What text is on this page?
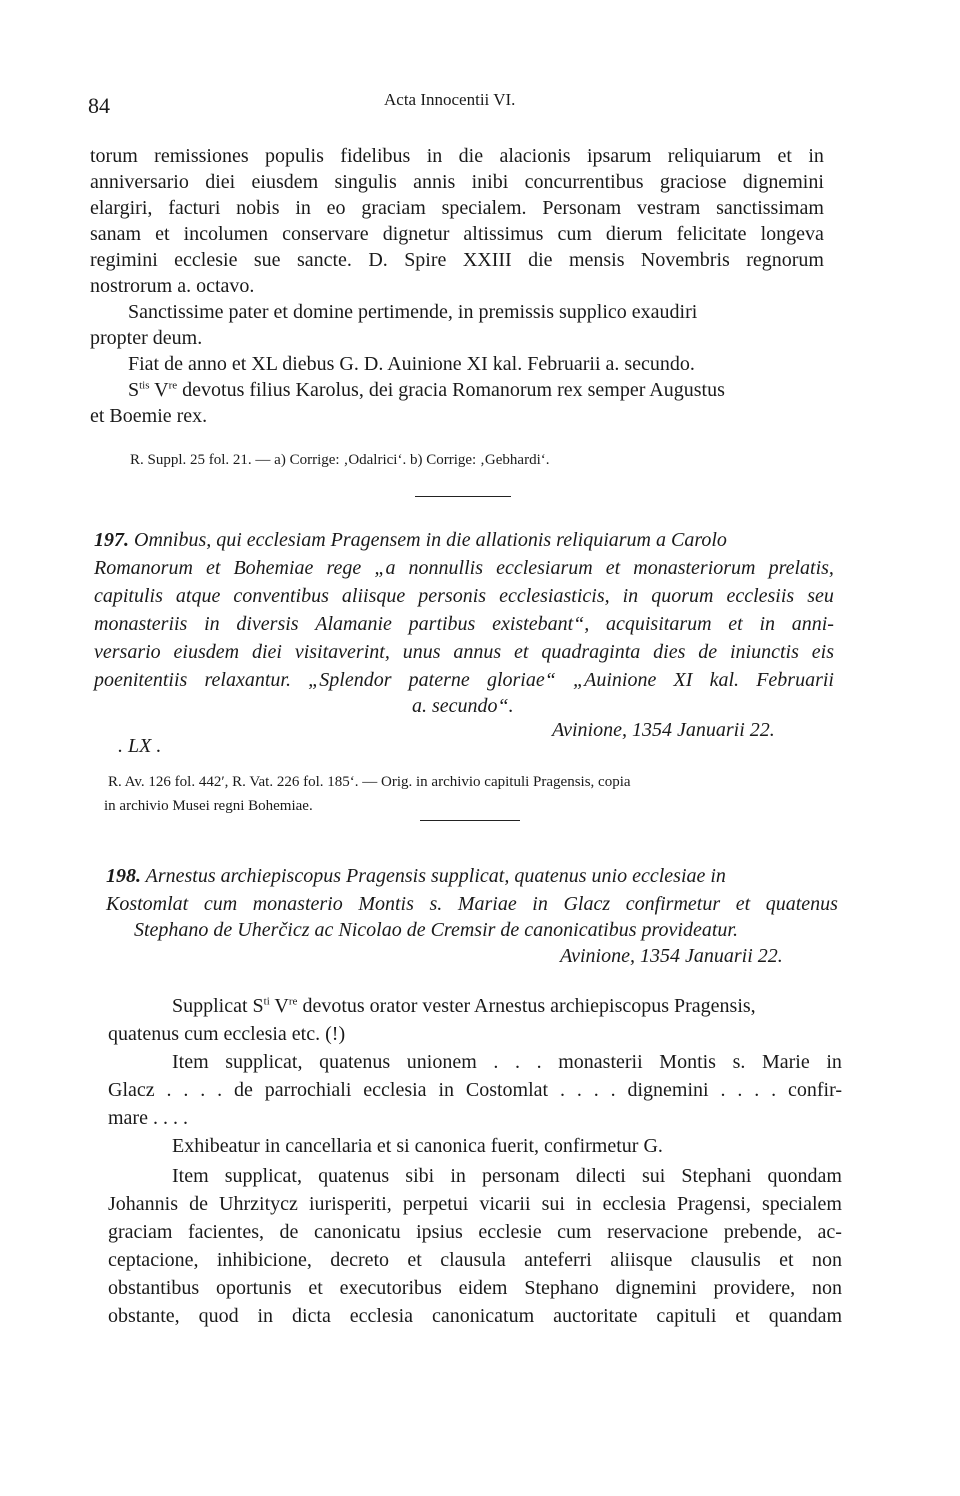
84	Acta Innocentii VI.
torum remissiones populis fidelibus in die alacionis ipsarum reliquiarum et in
anniversario diei eiusdem singulis annis inibi concurrentibus graciose dignemini
elargiri, facturi nobis in eo graciam specialem. Personam vestram sanctissimam
sanam et incolumen conservare dignetur altissimus cum dierum felicitate longeva
regimini ecclesie sue sancte. D. Spire XXIII die mensis Novembris regnorum
nostrorum a. octavo.
Sanctissime pater et domine pertimende, in premissis supplico exaudiri
propter deum.
Fiat de anno et XL diebus G. D. Auinione XI kal. Februarii a. secundo.
$S^{tis}$ Vre devotus filius Karolus, dei gracia Romanorum rex semper Augustus
et Boemie rex.
R. Suppl. 25 fol. 21. — a) Corrige: ‚Odalrici‘. b) Corrige: ‚Gebhardi‘.
197. Omnibus, qui ecclesiam Pragensem in die allationis reliquiarum a Carolo
Romanorum et Bohemiae rege „a nonnullis ecclesiarum et monasteriorum prelatis,
capitulis atque conventibus aliisque personis ecclesiasticis, in quorum ecclesiis seu
monasteriis in diversis Alamanie partibus existebant“, acquisitarum et in anni-
versario eiusdem diei visitaverint, unus annus et quadraginta dies de iniunctis eis
poenitentiis relaxantur. „Splendor paterne gloriae“ „Auinione XI kal. Februarii
a. secundo“.
. LX .
Avinione, 1354 Januarii 22.
R. Av. 126 fol. 442′, R. Vat. 226 fol. 185‘. — Orig. in archivio capituli Pragensis, copia
in archivio Musei regni Bohemiae.
198. Arnestus archiepiscopus Pragensis supplicat, quatenus unio ecclesiae in
Kostomlat cum monasterio Montis s. Mariae in Glacz confirmetur et quatenus
Stephano de Uherčicz ac Nicolao de Cremsir de canonicatibus provideatur.
Avinione, 1354 Januarii 22.
Supplicat $S^{ti}$ Vre devotus orator vester Arnestus archiepiscopus Pragensis,
quatenus cum ecclesia etc. (!)
Item supplicat, quatenus unionem . . . monasterii Montis s. Marie in
Glacz . . . . de parrochiali ecclesia in Costomlat . . . . dignemini . . . . confir-
mare . . . .
Exhibeatur in cancellaria et si canonica fuerit, confirmetur G.
Item supplicat, quatenus sibi in personam dilecti sui Stephani quondam
Johannis de Uhrzitycz iurisperiti, perpetui vicarii sui in ecclesia Pragensi, specialem
graciam facientes, de canonicatu ipsius ecclesie cum reservacione prebende, ac-
ceptacione, inhibicione, decreto et clausula anteferri aliisque clausulis et non
obstantibus oportunis et executoribus eidem Stephano dignemini providere, non
obstante, quod in dicta ecclesia canonicatum auctoritate capituli et quandam
